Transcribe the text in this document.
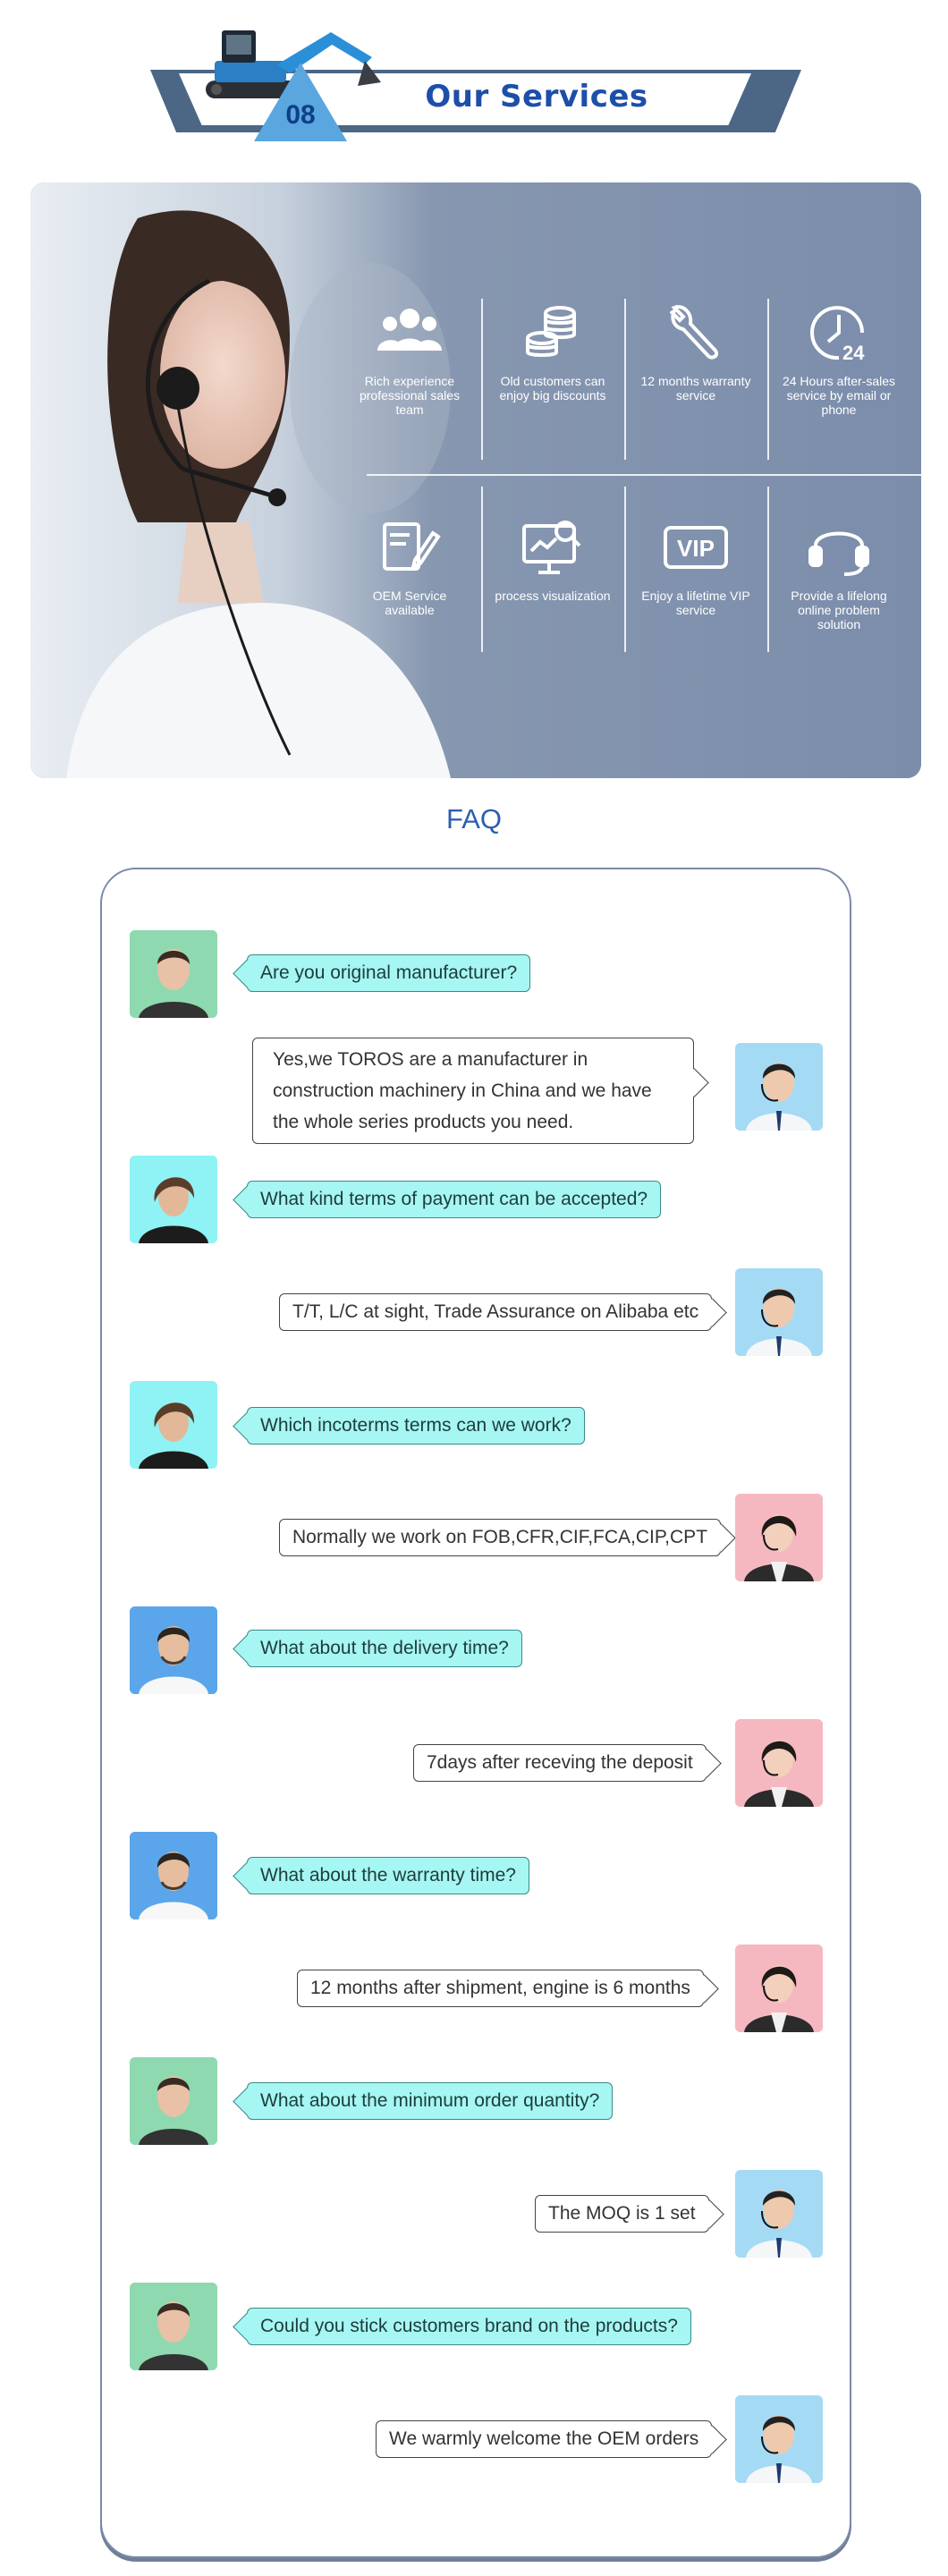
08
Our Services
Rich experience professional sales team
Old customers can enjoy big discounts
12 months warranty service
24
24 Hours after-sales service by email or phone
OEM Service available
process visualization
VIP
Enjoy a lifetime VIP service
Provide a lifelong online problem solution
FAQ
Are you original manufacturer?
Yes,we TOROS are a manufacturer in construction machinery in China and we have the whole series products you need.
What kind terms of payment can be accepted?
T/T, L/C at sight, Trade Assurance on Alibaba etc
Which incoterms terms can we work?
Normally we work on FOB,CFR,CIF,FCA,CIP,CPT
What about the delivery time?
7days after receving the deposit
What about the warranty time?
12 months after shipment, engine is 6 months
What about the minimum order quantity?
The MOQ is 1 set
Could you stick customers brand on the products?
We warmly welcome the OEM orders
